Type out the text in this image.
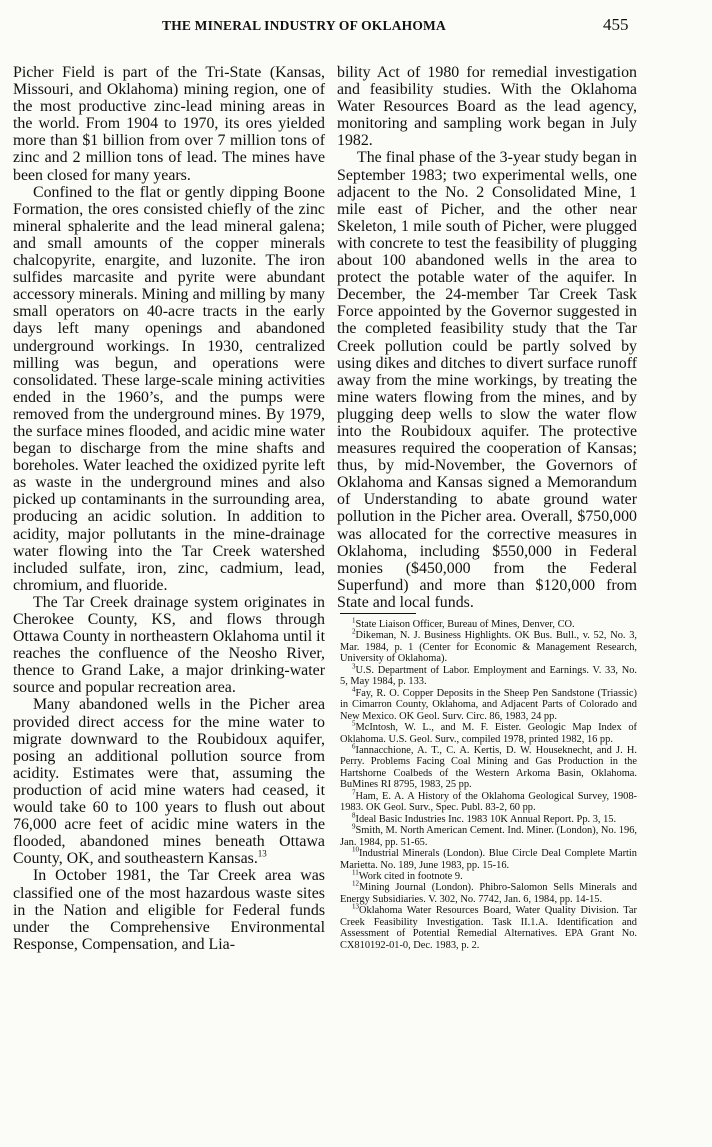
THE MINERAL INDUSTRY OF OKLAHOMA	455

Picher Field is part of the Tri-State (Kansas, Missouri, and Oklahoma) mining region, one of the most productive zinc-lead mining areas in the world. From 1904 to 1970, its ores yielded more than $1 billion from over 7 million tons of zinc and 2 million tons of lead. The mines have been closed for many years.

Confined to the flat or gently dipping Boone Formation, the ores consisted chiefly of the zinc mineral sphalerite and the lead mineral galena; and small amounts of the copper minerals chalcopyrite, enargite, and luzonite. The iron sulfides marcasite and pyrite were abundant accessory minerals. Mining and milling by many small operators on 40-acre tracts in the early days left many openings and abandoned underground workings. In 1930, centralized milling was begun, and operations were consolidated. These large-scale mining activities ended in the 1960’s, and the pumps were removed from the underground mines. By 1979, the surface mines flooded, and acidic mine water began to discharge from the mine shafts and boreholes. Water leached the oxidized pyrite left as waste in the underground mines and also picked up contaminants in the surrounding area, producing an acidic solution. In addition to acidity, major pollutants in the mine-drainage water flowing into the Tar Creek watershed included sulfate, iron, zinc, cadmium, lead, chromium, and fluoride.

The Tar Creek drainage system originates in Cherokee County, KS, and flows through Ottawa County in northeastern Oklahoma until it reaches the confluence of the Neosho River, thence to Grand Lake, a major drinking-water source and popular recreation area.

Many abandoned wells in the Picher area provided direct access for the mine water to migrate downward to the Roubidoux aquifer, posing an additional pollution source from acidity. Estimates were that, assuming the production of acid mine waters had ceased, it would take 60 to 100 years to flush out about 76,000 acre feet of acidic mine waters in the flooded, abandoned mines beneath Ottawa County, OK, and southeastern Kansas.$^{13}$

In October 1981, the Tar Creek area was classified one of the most hazardous waste sites in the Nation and eligible for Federal funds under the Comprehensive Environmental Response, Compensation, and Lia-

bility Act of 1980 for remedial investigation and feasibility studies. With the Oklahoma Water Resources Board as the lead agency, monitoring and sampling work began in July 1982.

The final phase of the 3-year study began in September 1983; two experimental wells, one adjacent to the No. 2 Consolidated Mine, 1 mile east of Picher, and the other near Skeleton, 1 mile south of Picher, were plugged with concrete to test the feasibility of plugging about 100 abandoned wells in the area to protect the potable water of the aquifer. In December, the 24-member Tar Creek Task Force appointed by the Governor suggested in the completed feasibility study that the Tar Creek pollution could be partly solved by using dikes and ditches to divert surface runoff away from the mine workings, by treating the mine waters flowing from the mines, and by plugging deep wells to slow the water flow into the Roubidoux aquifer. The protective measures required the cooperation of Kansas; thus, by mid-November, the Governors of Oklahoma and Kansas signed a Memorandum of Understanding to abate ground water pollution in the Picher area. Overall, $750,000 was allocated for the corrective measures in Oklahoma, including $550,000 in Federal monies ($450,000 from the Federal Superfund) and more than $120,000 from State and local funds.

$^1$State Liaison Officer, Bureau of Mines, Denver, CO.

$^2$Dikeman, N. J. Business Highlights. OK Bus. Bull., v. 52, No. 3, Mar. 1984, p. 1 (Center for Economic & Management Research, University of Oklahoma).

$^3$U.S. Department of Labor. Employment and Earnings. V. 33, No. 5, May 1984, p. 133.

$^4$Fay, R. O. Copper Deposits in the Sheep Pen Sandstone (Triassic) in Cimarron County, Oklahoma, and Adjacent Parts of Colorado and New Mexico. OK Geol. Surv. Circ. 86, 1983, 24 pp.

$^5$McIntosh, W. L., and M. F. Eister. Geologic Map Index of Oklahoma. U.S. Geol. Surv., compiled 1978, printed 1982, 16 pp.

$^6$Iannacchione, A. T., C. A. Kertis, D. W. Houseknecht, and J. H. Perry. Problems Facing Coal Mining and Gas Production in the Hartshorne Coalbeds of the Western Arkoma Basin, Oklahoma. BuMines RI 8795, 1983, 25 pp.

$^7$Ham, E. A. A History of the Oklahoma Geological Survey, 1908-1983. OK Geol. Surv., Spec. Publ. 83-2, 60 pp.

$^8$Ideal Basic Industries Inc. 1983 10K Annual Report. Pp. 3, 15.

$^9$Smith, M. North American Cement. Ind. Miner. (London), No. 196, Jan. 1984, pp. 51-65.

$^{10}$Industrial Minerals (London). Blue Circle Deal Complete Martin Marietta. No. 189, June 1983, pp. 15-16.

$^{11}$Work cited in footnote 9.

$^{12}$Mining Journal (London). Phibro-Salomon Sells Minerals and Energy Subsidiaries. V. 302, No. 7742, Jan. 6, 1984, pp. 14-15.

$^{13}$Oklahoma Water Resources Board, Water Quality Division. Tar Creek Feasibility Investigation. Task II.1.A. Identification and Assessment of Potential Remedial Alternatives. EPA Grant No. CX810192-01-0, Dec. 1983, p. 2.
